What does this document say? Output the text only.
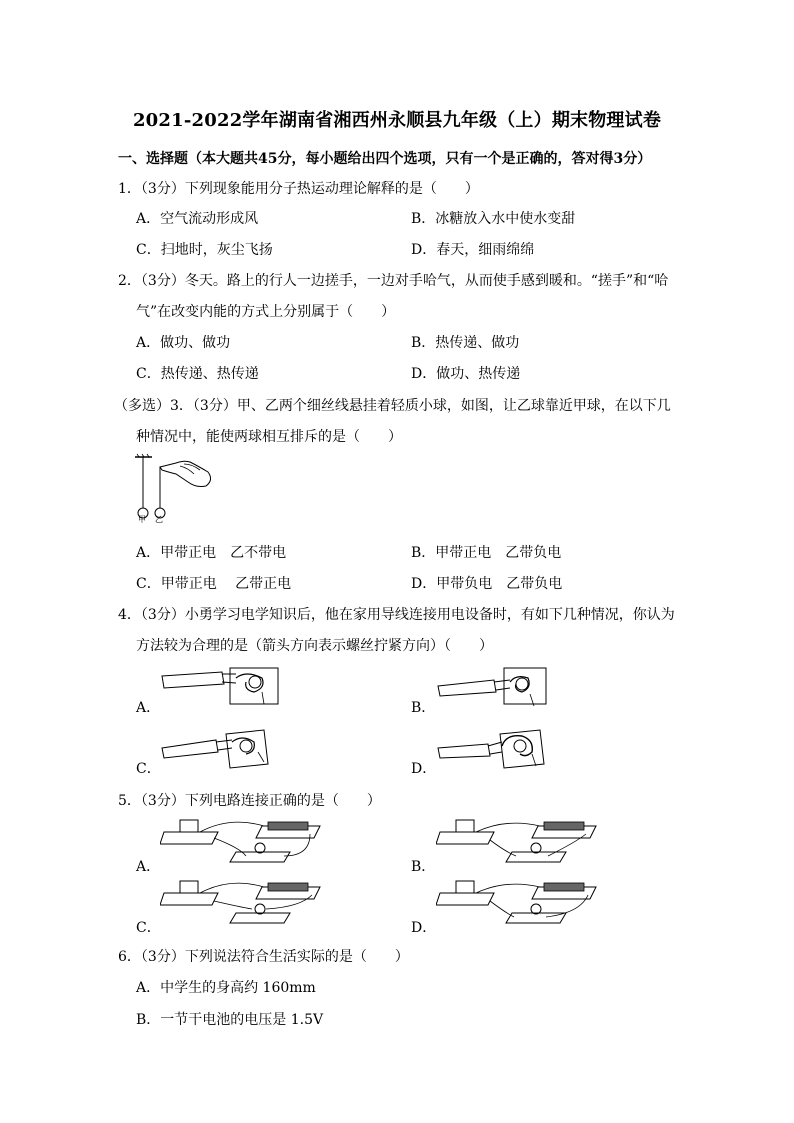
2021-2022学年湖南省湘西州永顺县九年级（上）期末物理试卷
一、选择题（本大题共45分，每小题给出四个选项，只有一个是正确的，答对得3分）
1．（3分）下列现象能用分子热运动理论解释的是（　　）
A．空气流动形成风	B．冰糖放入水中使水变甜
C．扫地时，灰尘飞扬	D．春天，细雨绵绵
2．（3分）冬天。路上的行人一边搓手，一边对手哈气，从而使手感到暖和。“搓手”和“哈
气”在改变内能的方式上分别属于（　　）
A．做功、做功	B．热传递、做功
C．热传递、热传递	D．做功、热传递
（多选）3．（3分）甲、乙两个细丝线悬挂着轻质小球，如图，让乙球靠近甲球，在以下几
种情况中，能使两球相互排斥的是（　　）
甲 乙
A．甲带正电　乙不带电	B．甲带正电　乙带负电
C．甲带正电　 乙带正电	D．甲带负电　乙带负电
4．（3分）小勇学习电学知识后，他在家用导线连接用电设备时，有如下几种情况，你认为
方法较为合理的是（箭头方向表示螺丝拧紧方向）（　　）
A．	B．
C．	D．
5．（3分）下列电路连接正确的是（　　）
A．	B．
C．	D．
6．（3分）下列说法符合生活实际的是（　　）
A．中学生的身高约 160mm
B．一节干电池的电压是 1.5V
